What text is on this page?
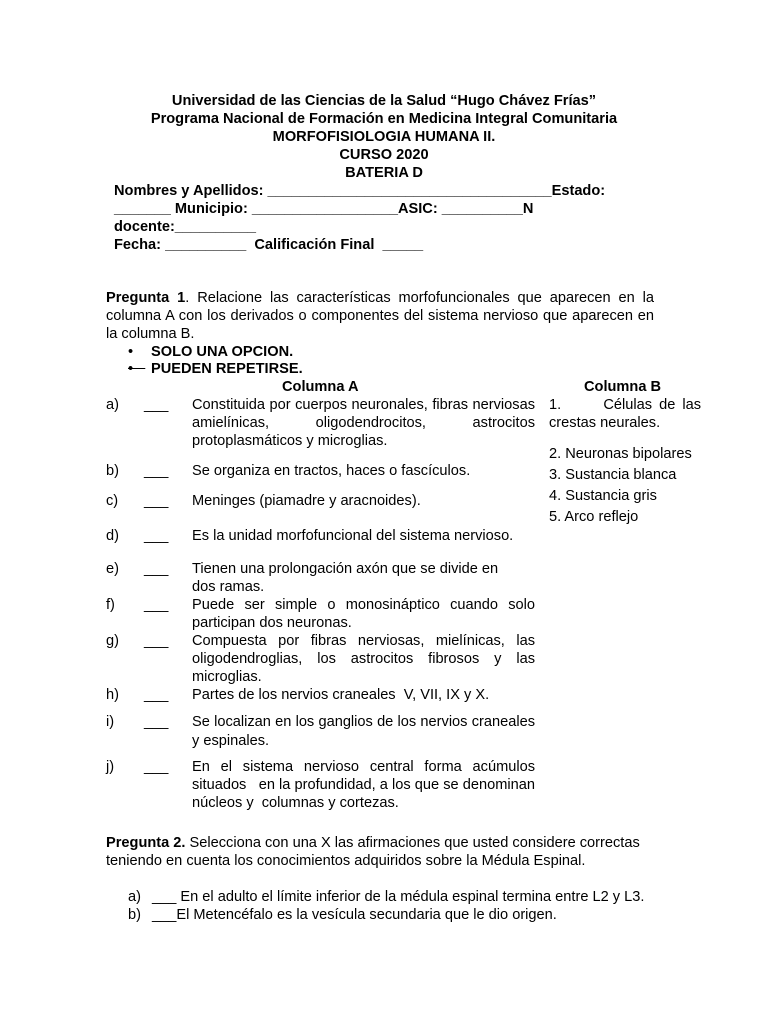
Universidad de las Ciencias de la Salud “Hugo Chávez Frías”
Programa Nacional de Formación en Medicina Integral Comunitaria
MORFOFISIOLOGIA HUMANA II.
CURSO 2020
BATERIA D
Nombres y Apellidos: ___________________________________Estado:
_______ Municipio: __________________ASIC: __________N
docente:__________
Fecha: __________ Calificación Final  _____
Pregunta 1. Relacione las características morfofuncionales que aparecen en la columna A con los derivados o componentes del sistema nervioso que aparecen en la columna B.
• SOLO UNA OPCION.
• PUEDEN REPETIRSE.
Columna A	Columna B
a) ___ Constituida por cuerpos neuronales, fibras nerviosas amielínicas, oligodendrocitos, astrocitos protoplasmáticos y microglias.
b) ___ Se organiza en tractos, haces o fascículos.
c) ___ Meninges (piamadre y aracnoides).
d) ___ Es la unidad morfofuncional del sistema nervioso.
e) ___ Tienen una prolongación axón que se divide en dos ramas.
f) ___ Puede ser simple o monosináptico cuando solo participan dos neuronas.
g) ___ Compuesta por fibras nerviosas, mielínicas, las oligodendroglias, los astrocitos fibrosos y las microglias.
h) ___ Partes de los nervios craneales  V, VII, IX y X.
i) ___ Se localizan en los ganglios de los nervios craneales y espinales.
j) ___ En el sistema nervioso central forma acúmulos situados   en la profundidad, a los que se denominan núcleos y  columnas y cortezas.
1.      Células de las crestas neurales.
2. Neuronas bipolares
3. Sustancia blanca
4. Sustancia gris
5. Arco reflejo
Pregunta 2. Selecciona con una X las afirmaciones que usted considere correctas teniendo en cuenta los conocimientos adquiridos sobre la Médula Espinal.
a) ___ En el adulto el límite inferior de la médula espinal termina entre L2 y L3.
b) ___El Metencéfalo es la vesícula secundaria que le dio origen.
